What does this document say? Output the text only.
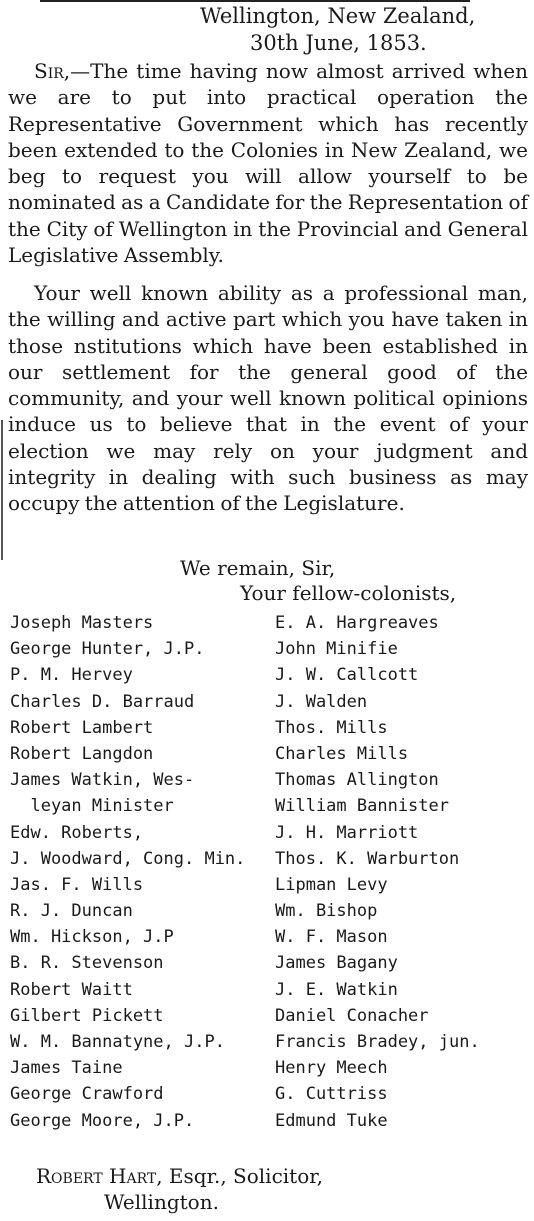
Wellington, New Zealand,
30th June, 1853.
Sir,—The time having now almost arrived when we are to put into practical operation the Representative Government which has recently been extended to the Colonies in New Zealand, we beg to request you will allow yourself to be nominated as a Candidate for the Representation of the City of Wellington in the Provincial and General Legislative Assembly.
Your well known ability as a professional man, the willing and active part which you have taken in those nstitutions which have been established in our settlement for the general good of the community, and your well known political opinions induce us to believe that in the event of your election we may rely on your judgment and integrity in dealing with such business as may occupy the attention of the Legislature.
We remain, Sir,
Your fellow-colonists,
Joseph Masters	E. A. Hargreaves
George Hunter, J.P.	John Minifie
P. M. Hervey	J. W. Callcott
Charles D. Barraud	J. Walden
Robert Lambert	Thos. Mills
Robert Langdon	Charles Mills
James Watkin, Wes-	Thomas Allington
leyan Minister	William Bannister
Edw. Roberts,	J. H. Marriott
J. Woodward, Cong. Min.	Thos. K. Warburton
Jas. F. Wills	Lipman Levy
R. J. Duncan	Wm. Bishop
Wm. Hickson, J.P	W. F. Mason
B. R. Stevenson	James Bagany
Robert Waitt	J. E. Watkin
Gilbert Pickett	Daniel Conacher
W. M. Bannatyne, J.P.	Francis Bradey, jun.
James Taine	Henry Meech
George Crawford	G. Cuttriss
George Moore, J.P.	Edmund Tuke
Robert Hart, Esqr., Solicitor,
Wellington.
